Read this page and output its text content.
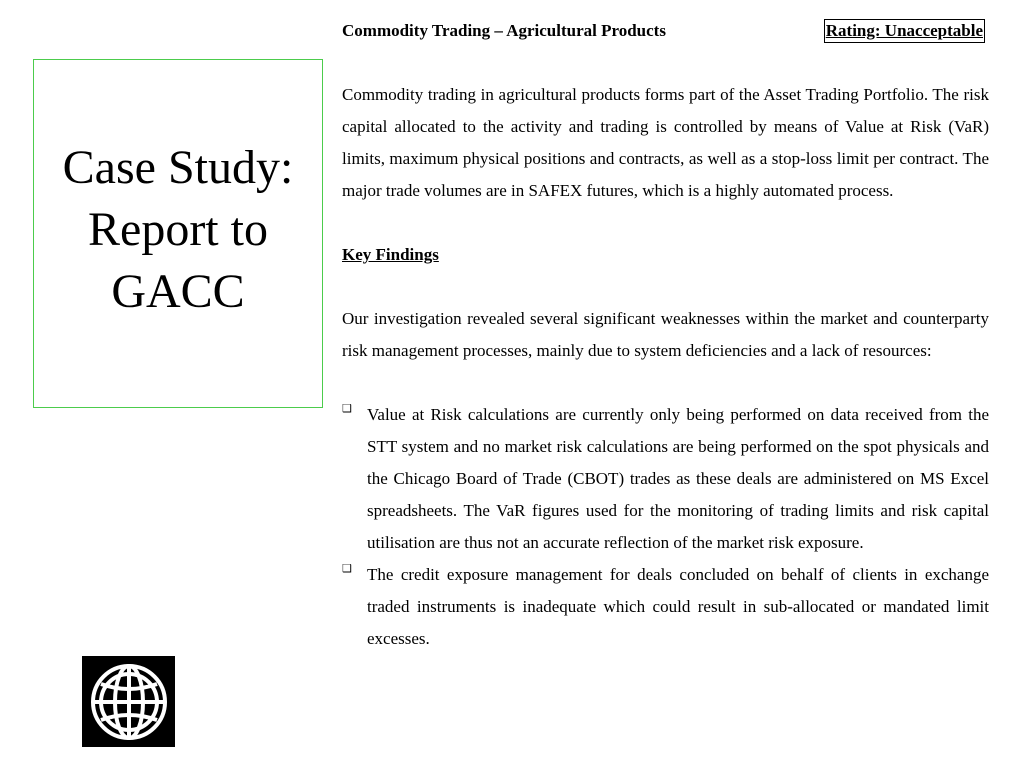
Case Study: Report to GACC
Commodity Trading – Agricultural Products	Rating: Unacceptable

Commodity trading in agricultural products forms part of the Asset Trading Portfolio. The risk capital allocated to the activity and trading is controlled by means of Value at Risk (VaR) limits, maximum physical positions and contracts, as well as a stop-loss limit per contract. The major trade volumes are in SAFEX futures, which is a highly automated process.

Key Findings

Our investigation revealed several significant weaknesses within the market and counterparty risk management processes, mainly due to system deficiencies and a lack of resources:

❑ Value at Risk calculations are currently only being performed on data received from the STT system and no market risk calculations are being performed on the spot physicals and the Chicago Board of Trade (CBOT) trades as these deals are administered on MS Excel spreadsheets. The VaR figures used for the monitoring of trading limits and risk capital utilisation are thus not an accurate reflection of the market risk exposure.
❑ The credit exposure management for deals concluded on behalf of clients in exchange traded instruments is inadequate which could result in sub-allocated or mandated limit excesses.
